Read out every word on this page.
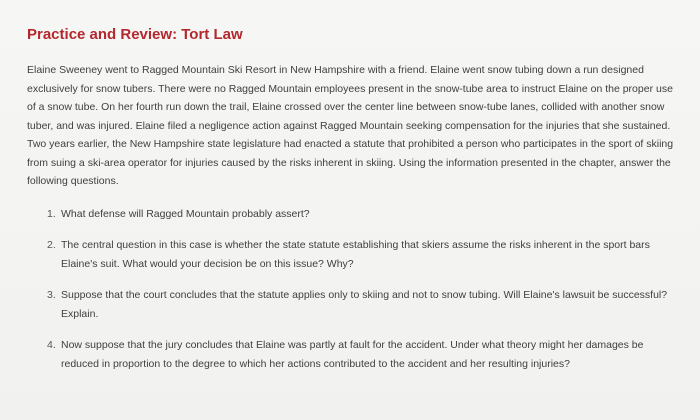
Practice and Review: Tort Law

Elaine Sweeney went to Ragged Mountain Ski Resort in New Hampshire with a friend. Elaine went snow tubing down a run designed exclusively for snow tubers. There were no Ragged Mountain employees present in the snow-tube area to instruct Elaine on the proper use of a snow tube. On her fourth run down the trail, Elaine crossed over the center line between snow-tube lanes, collided with another snow tuber, and was injured. Elaine filed a negligence action against Ragged Mountain seeking compensation for the injuries that she sustained. Two years earlier, the New Hampshire state legislature had enacted a statute that prohibited a person who participates in the sport of skiing from suing a ski-area operator for injuries caused by the risks inherent in skiing. Using the information presented in the chapter, answer the following questions.

1. What defense will Ragged Mountain probably assert?
2. The central question in this case is whether the state statute establishing that skiers assume the risks inherent in the sport bars Elaine's suit. What would your decision be on this issue? Why?
3. Suppose that the court concludes that the statute applies only to skiing and not to snow tubing. Will Elaine's lawsuit be successful? Explain.
4. Now suppose that the jury concludes that Elaine was partly at fault for the accident. Under what theory might her damages be reduced in proportion to the degree to which her actions contributed to the accident and her resulting injuries?
